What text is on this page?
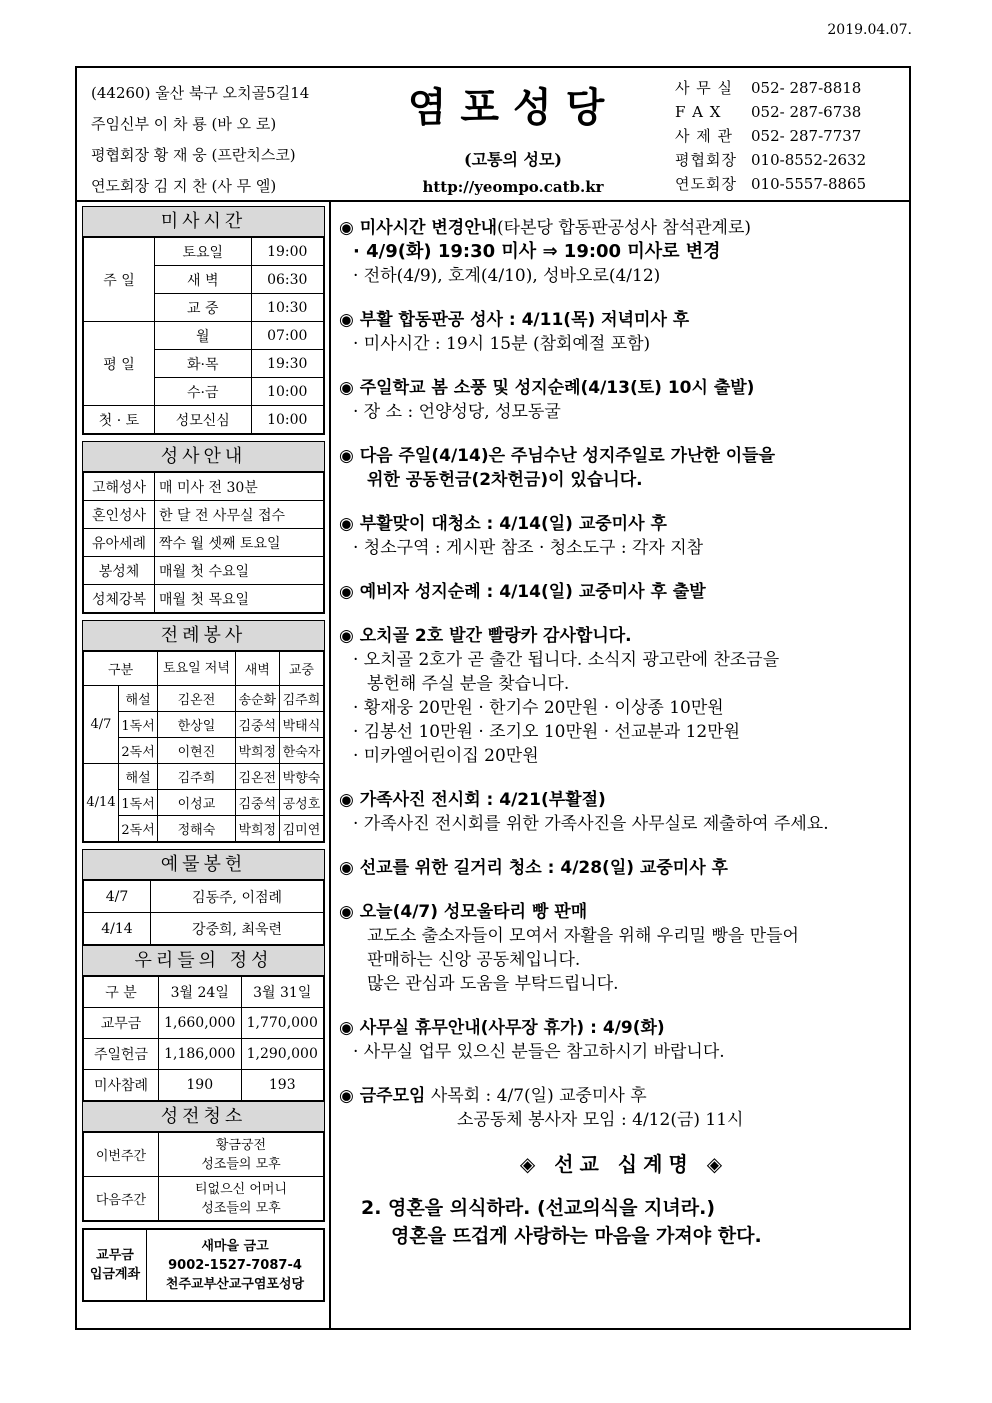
2019.04.07.
(44260) 울산 북구 오치골5길14
주임신부 이 차 룡 (바 오 로)
평협회장 황 재 웅 (프란치스코)
연도회장 김 지 찬 (사 무 엘)
염포성당
(고통의 성모)
http://yeompo.catb.kr
사 무 실 052- 287-8818
F A X 052- 287-6738
사 제 관 052- 287-7737
평협회장 010-8552-2632
연도회장 010-5557-8865
미사시간
주 일	토요일	19:00
	새 벽	06:30
	교 중	10:30
평 일	월	07:00
	화·목	19:30
	수·금	10:00
첫 · 토	성모신심	10:00
성사안내
고해성사	매 미사 전 30분
혼인성사	한 달 전 사무실 접수
유아세례	짝수 월 셋째 토요일
봉성체	매월 첫 수요일
성체강복	매월 첫 목요일
전례봉사
구분		토요일 저녁	새벽	교중
4/7	해설	김온전	송순화	김주희
	1독서	한상일	김중석	박태식
	2독서	이현진	박희정	한숙자
4/14	해설	김주희	김온전	박향숙
	1독서	이성교	김중석	공성호
	2독서	정해숙	박희정	김미연
예물봉헌
4/7	김동주, 이점례
4/14	강중희, 최욱련
우리들의 정성
구 분	3월 24일	3월 31일
교무금	1,660,000	1,770,000
주일헌금	1,186,000	1,290,000
미사참례	190	193
성전청소
이번주간	황금궁전
성조들의 모후

다음주간	티없으신 어머니
성조들의 모후
교무금
입금계좌

새마을 금고
9002-1527-7087-4
천주교부산교구염포성당
◉ 미사시간 변경안내(타본당 합동판공성사 참석관계로)
· 4/9(화) 19:30 미사 ⇒ 19:00 미사로 변경
· 전하(4/9), 호계(4/10), 성바오로(4/12)
◉ 부활 합동판공 성사 : 4/11(목) 저녁미사 후
· 미사시간 : 19시 15분 (참회예절 포함)
◉ 주일학교 봄 소풍 및 성지순례(4/13(토) 10시 출발)
· 장 소 : 언양성당, 성모동굴
◉ 다음 주일(4/14)은 주님수난 성지주일로 가난한 이들을
위한 공동헌금(2차헌금)이 있습니다.
◉ 부활맞이 대청소 : 4/14(일) 교중미사 후
· 청소구역 : 게시판 참조 · 청소도구 : 각자 지참
◉ 예비자 성지순례 : 4/14(일) 교중미사 후 출발
◉ 오치골 2호 발간 빨랑카 감사합니다.
· 오치골 2호가 곧 출간 됩니다. 소식지 광고란에 찬조금을
봉헌해 주실 분을 찾습니다.
· 황재웅 20만원 · 한기수 20만원 · 이상종 10만원
· 김봉선 10만원 · 조기오 10만원 · 선교분과 12만원
· 미카엘어린이집 20만원
◉ 가족사진 전시회 : 4/21(부활절)
· 가족사진 전시회를 위한 가족사진을 사무실로 제출하여 주세요.
◉ 선교를 위한 길거리 청소 : 4/28(일) 교중미사 후
◉ 오늘(4/7) 성모울타리 빵 판매
교도소 출소자들이 모여서 자활을 위해 우리밀 빵을 만들어
판매하는 신앙 공동체입니다.
많은 관심과 도움을 부탁드립니다.
◉ 사무실 휴무안내(사무장 휴가) : 4/9(화)
· 사무실 업무 있으신 분들은 참고하시기 바랍니다.
◉ 금주모임 사목회 : 4/7(일) 교중미사 후
소공동체 봉사자 모임 : 4/12(금) 11시
◈ 선교 십계명 ◈
2. 영혼을 의식하라. (선교의식을 지녀라.)
영혼을 뜨겁게 사랑하는 마음을 가져야 한다.
